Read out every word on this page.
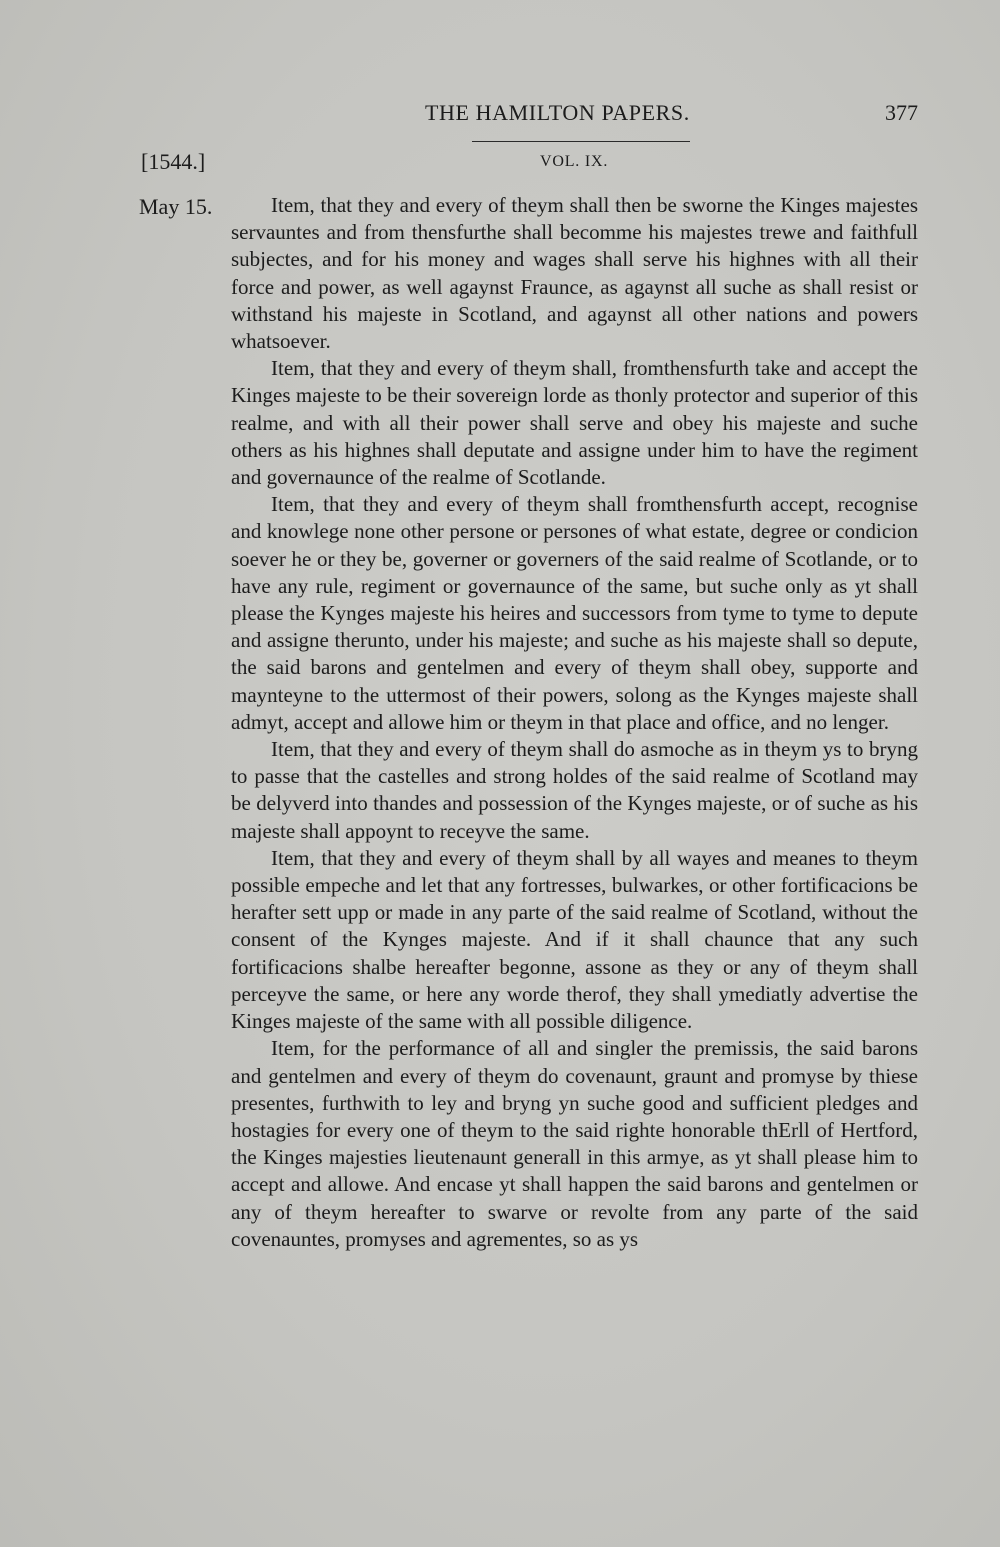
THE HAMILTON PAPERS.	377
[1544.]	VOL. IX.
May 15.	Item, that they and every of theym shall then be sworne the Kinges majestes servauntes and from thensfurthe shall becomme his majestes trewe and faithfull subjectes, and for his money and wages shall serve his highnes with all their force and power, as well agaynst Fraunce, as agaynst all suche as shall resist or withstand his majeste in Scotland, and agaynst all other nations and powers whatsoever.

Item, that they and every of theym shall, fromthensfurth take and accept the Kinges majeste to be their sovereign lorde as thonly protector and superior of this realme, and with all their power shall serve and obey his majeste and suche others as his highnes shall deputate and assigne under him to have the regiment and governaunce of the realme of Scotlande.

Item, that they and every of theym shall fromthensfurth accept, recognise and knowlege none other persone or persones of what estate, degree or condicion soever he or they be, governer or governers of the said realme of Scotlande, or to have any rule, regiment or governaunce of the same, but suche only as yt shall please the Kynges majeste his heires and successors from tyme to tyme to depute and assigne therunto, under his majeste; and suche as his majeste shall so depute, the said barons and gentelmen and every of theym shall obey, supporte and maynteyne to the uttermost of their powers, solong as the Kynges majeste shall admyt, accept and allowe him or theym in that place and office, and no lenger.

Item, that they and every of theym shall do asmoche as in theym ys to bryng to passe that the castelles and strong holdes of the said realme of Scotland may be delyverd into thandes and possession of the Kynges majeste, or of suche as his majeste shall appoynt to receyve the same.

Item, that they and every of theym shall by all wayes and meanes to theym possible empeche and let that any fortresses, bulwarkes, or other fortificacions be herafter sett upp or made in any parte of the said realme of Scotland, without the consent of the Kynges majeste. And if it shall chaunce that any such fortificacions shalbe hereafter begonne, assone as they or any of theym shall perceyve the same, or here any worde therof, they shall ymediatly advertise the Kinges majeste of the same with all possible diligence.

Item, for the performance of all and singler the premissis, the said barons and gentelmen and every of theym do covenaunt, graunt and promyse by thiese presentes, furthwith to ley and bryng yn suche good and sufficient pledges and hostagies for every one of theym to the said righte honorable thErll of Hertford, the Kinges majesties lieutenaunt generall in this armye, as yt shall please him to accept and allowe. And encase yt shall happen the said barons and gentelmen or any of theym hereafter to swarve or revolte from any parte of the said covenauntes, promyses and agrementes, so as ys
